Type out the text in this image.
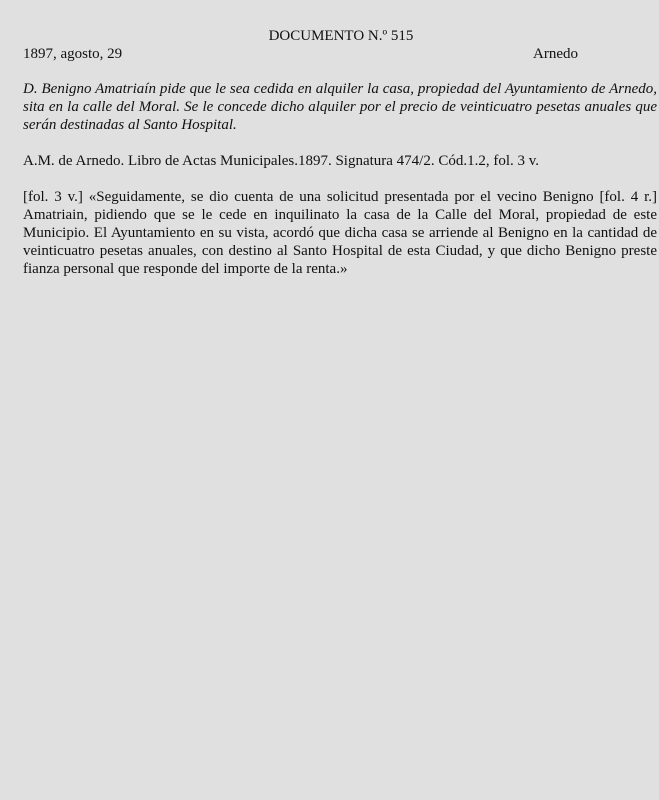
DOCUMENTO N.º 515
1897, agosto, 29	Arnedo
D. Benigno Amatriaín pide que le sea cedida en alquiler la casa, propiedad del Ayuntamiento de Arnedo, sita en la calle del Moral. Se le concede dicho alquiler por el precio de veinticuatro pesetas anuales que serán destinadas al Santo Hospital.
A.M. de Arnedo. Libro de Actas Municipales.1897. Signatura 474/2. Cód.1.2, fol. 3 v.
[fol. 3 v.] «Seguidamente, se dio cuenta de una solicitud presentada por el vecino Benigno [fol. 4 r.] Amatriain, pidiendo que se le cede en inquilinato la casa de la Calle del Moral, propiedad de este Municipio. El Ayuntamiento en su vista, acordó que dicha casa se arriende al Benigno en la cantidad de veinticuatro pesetas anuales, con destino al Santo Hospital de esta Ciudad, y que dicho Benigno preste fianza personal que responde del importe de la renta.»
